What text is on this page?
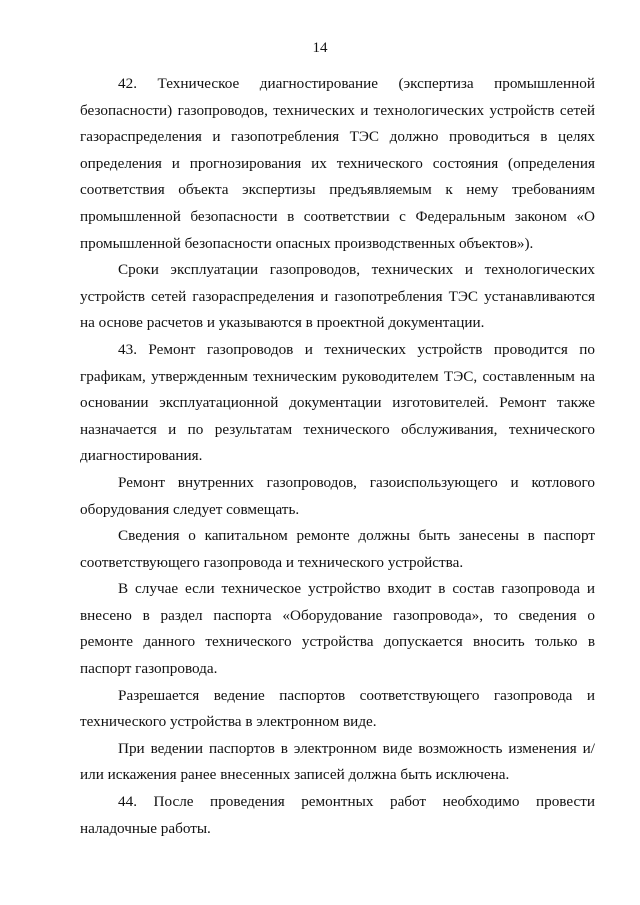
14

42. Техническое диагностирование (экспертиза промышленной безопасности) газопроводов, технических и технологических устройств сетей газораспределения и газопотребления ТЭС должно проводиться в целях определения и прогнозирования их технического состояния (определения соответствия объекта экспертизы предъявляемым к нему требованиям промышленной безопасности в соответствии с Федеральным законом «О промышленной безопасности опасных производственных объектов»).

Сроки эксплуатации газопроводов, технических и технологических устройств сетей газораспределения и газопотребления ТЭС устанавливаются на основе расчетов и указываются в проектной документации.

43. Ремонт газопроводов и технических устройств проводится по графикам, утвержденным техническим руководителем ТЭС, составленным на основании эксплуатационной документации изготовителей. Ремонт также назначается и по результатам технического обслуживания, технического диагностирования.

Ремонт внутренних газопроводов, газоиспользующего и котлового оборудования следует совмещать.

Сведения о капитальном ремонте должны быть занесены в паспорт соответствующего газопровода и технического устройства.

В случае если техническое устройство входит в состав газопровода и внесено в раздел паспорта «Оборудование газопровода», то сведения о ремонте данного технического устройства допускается вносить только в паспорт газопровода.

Разрешается ведение паспортов соответствующего газопровода и технического устройства в электронном виде.

При ведении паспортов в электронном виде возможность изменения и/или искажения ранее внесенных записей должна быть исключена.

44. После проведения ремонтных работ необходимо провести наладочные работы.
